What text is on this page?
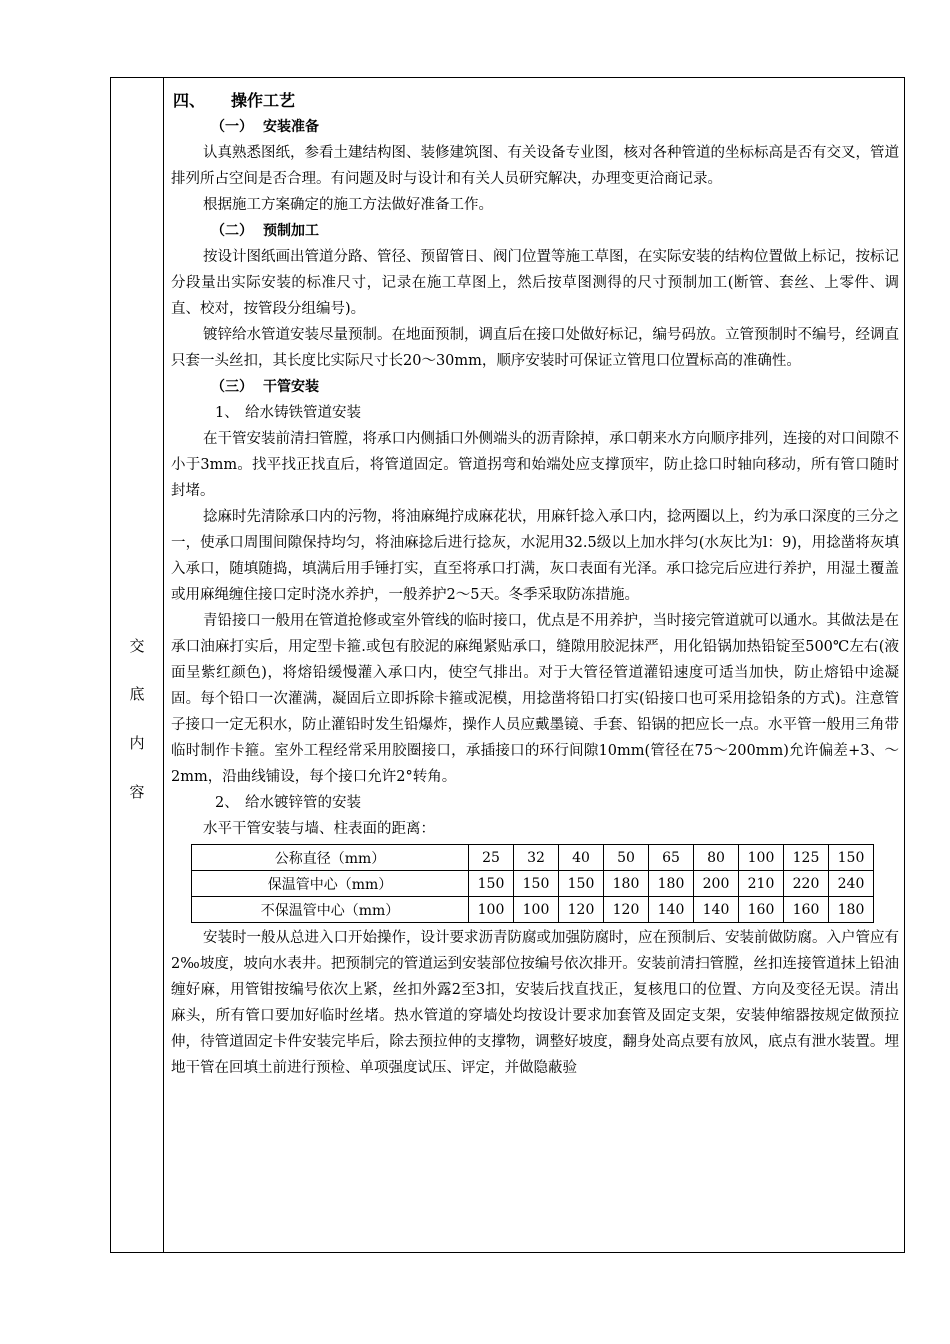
交
底
内
容
四、 操作工艺
（一） 安装准备
认真熟悉图纸，参看土建结构图、装修建筑图、有关设备专业图，核对各种管道的坐标标高是否有交叉，管道排列所占空间是否合理。有问题及时与设计和有关人员研究解决，办理变更洽商记录。
根据施工方案确定的施工方法做好准备工作。
（二） 预制加工
按设计图纸画出管道分路、管径、预留管日、阀门位置等施工草图，在实际安装的结构位置做上标记，按标记分段量出实际安装的标准尺寸，记录在施工草图上，然后按草图测得的尺寸预制加工(断管、套丝、上零件、调直、校对，按管段分组编号)。
镀锌给水管道安装尽量预制。在地面预制，调直后在接口处做好标记，编号码放。立管预制时不编号，经调直只套一头丝扣，其长度比实际尺寸长20～30mm，顺序安装时可保证立管甩口位置标高的准确性。
（三） 干管安装
1、 给水铸铁管道安装
在干管安装前清扫管膛，将承口内侧插口外侧端头的沥青除掉，承口朝来水方向顺序排列，连接的对口间隙不小于3mm。找平找正找直后，将管道固定。管道拐弯和始端处应支撑顶牢，防止捻口时轴向移动，所有管口随时封堵。
捻麻时先清除承口内的污物，将油麻绳拧成麻花状，用麻钎捻入承口内，捻两圈以上，约为承口深度的三分之一，使承口周围间隙保持均匀，将油麻捻后进行捻灰，水泥用32.5级以上加水拌匀(水灰比为l：9)，用捻凿将灰填入承口，随填随捣，填满后用手锤打实，直至将承口打满，灰口表面有光泽。承口捻完后应进行养护，用湿土覆盖或用麻绳缠住接口定时浇水养护，一般养护2～5天。冬季采取防冻措施。
青铅接口一般用在管道抢修或室外管线的临时接口，优点是不用养护，当时接完管道就可以通水。其做法是在承口油麻打实后，用定型卡箍.或包有胶泥的麻绳紧贴承口，缝隙用胶泥抹严，用化铅锅加热铅锭至500℃左右(液面呈紫红颜色)，将熔铅缓慢灌入承口内，使空气排出。对于大管径管道灌铅速度可适当加快，防止熔铅中途凝固。每个铅口一次灌满，凝固后立即拆除卡箍或泥模，用捻凿将铅口打实(铅接口也可采用捻铅条的方式)。注意管子接口一定无积水，防止灌铅时发生铅爆炸，操作人员应戴墨镜、手套、铅锅的把应长一点。水平管一般用三角带临时制作卡箍。室外工程经常采用胶圈接口，承插接口的环行间隙10mm(管径在75～200mm)允许偏差+3、～2mm，沿曲线铺设，每个接口允许2°转角。
2、 给水镀锌管的安装
水平干管安装与墙、柱表面的距离：
公称直径（mm）	25	32	40	50	65	80	100	125	150
保温管中心（mm）	150	150	150	180	180	200	210	220	240
不保温管中心（mm）	100	100	120	120	140	140	160	160	180
安装时一般从总进入口开始操作，设计要求沥青防腐或加强防腐时，应在预制后、安装前做防腐。入户管应有2‰坡度，坡向水表井。把预制完的管道运到安装部位按编号依次排开。安装前清扫管膛，丝扣连接管道抹上铅油缠好麻，用管钳按编号依次上紧，丝扣外露2至3扣，安装后找直找正，复核甩口的位置、方向及变径无误。清出麻头，所有管口要加好临时丝堵。热水管道的穿墙处均按设计要求加套管及固定支架，安装伸缩器按规定做预拉伸，待管道固定卡件安装完毕后，除去预拉伸的支撑物，调整好坡度，翻身处高点要有放风，底点有泄水装置。埋地干管在回填土前进行预检、单项强度试压、评定，并做隐蔽验
